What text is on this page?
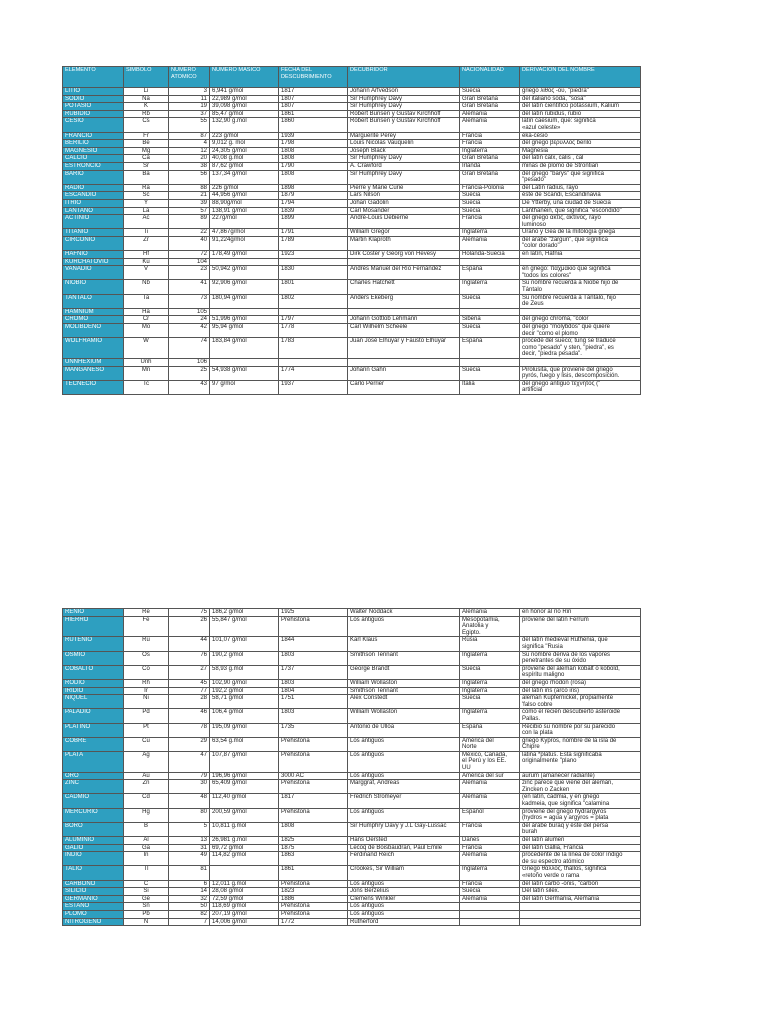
ELEMENTO	SIMBOLO	NUMERO ATOMICO	NUMERO MASICO	FECHA DEL DESCUBRIMIENTO	DECUBRIDOR	NACIONALIDAD	DERIVACION DEL NOMBRE
LITIO	Li	3	6,941 g/mol	1817	Johann Arfvedson	Suecia	griego λίθος -ου, "piedra"
SODIO	Na	11	22,989 g/mol	1807	Sir Humphrey Davy	Gran Bretaña	del italiano soda, "sosa"
POTASIO	K	19	39,098 g/mol	1807	Sir Humphrey Davy	Gran Bretaña	del latín científico potassium, Kalium
RUBIDIO	Rb	37	85,47 g/mol	1861	Robert Bunsen y Gustav Kirchhoff	Alemania	del latín rubidus, rubio
CESIO	Cs	55	132,90 g.mol	1860	Robert Bunsen y Gustav Kirchhoff	Alemania	latín caesium, que: significa
«azul celeste»
FRANCIO	Fr	87	223 g/mol	1939	Marguerite Perey	Francia	eka-cesio
BERILIO	Be	4	9,012 g. mol	1798	Louis Nicolas Vauquelin	Francia	del griego βερυλλος berilo
MAGNESIO	Mg	12	24,305 g/mol	1808	Joseph Black	Inglaterra	Magnesia
CALCIO	Ca	20	40,08 g.mol	1808	Sir Humphrey Davy	Gran Bretaña	del latín calx, calis , cal
ESTRONCIO	Sr	38	87,62 g/mol	1790	A. Crawford	Irlanda	minas de plomo de Strontian
BARIO	Ba	56	137,34 g/mol	1808	Sir Humphrey Davy	Gran Bretaña	del griego "barys" que significa
"pesado"
RADIO	Ra	88	226 g/mol	1898	Pierre y Marie Curie	Francia-Polonia	del Latín radius, rayo
ESCANDIO	Sc	21	44,956 g/mol	1879	Lars Nilson	Suecia	éste de Scandi, Escandinavia
ITRIO	Y	39	88,90g/mol	1794	Johan Gadolin	Suecia	De Ytterby, una ciudad de Suecia
LANTANO	La	57	138,91 g/mol	1839	Carl Mosander	Suecia	Lanthanéin, que significa "escondido"
ACTINIO	Ac	89	227g/mol	1899	André-Louis Debierne	Francia	del griego ακτις, ακτινος, rayo
luminoso
TITANIO	Ti	22	47,867g/mol	1791	William Gregor	Inglaterra	Urano y Gea de la mitología griega
CIRCONIO	Zr	40	91,224g/mol	1789	Martin Klaproth	Alemania	del árabe "zargun", que significa
"color dorado"
HAFNIO	Hf	72	178,49 g/mol	1923	Dirk Coster y Georg von Hevesy	Holanda-Suecia	en latín, Hafnia
KURCHATOVIO	Ku	104					
VANADIO	V	23	50,942 g/mol	1830	Andrés Manuel del Río Fernández	España	en griego: παχμακιο que significa
"todos los colores"
NIOBIO	Nb	41	92,906 g/mol	1801	Charles Hatchett	Inglaterra	Su nombre recuerda a Niobe hijo de
Tántalo
TANTALO	Ta	73	180,94 g/mol	1802	Anders Ekeberg	Suecia	Su nombre recuerda a Tántalo, hijo
de Zeus
HAMNIUM	Ha	105					
CROMO	Cr	24	51,996 g/mol	1797	Johann Gottlob Lehmann	Siberia	del griego chroma, "color
MOLIBDENO	Mo	42	95,94 g/mol	1778	Carl Wilhelm Scheele	Suecia	del griego "molybdos" que quiere
decir "como el plomo
WOLFRAMIO	W	74	183,84 g/mol	1783	Juan José Elhúyar y Fausto Elhúyar	España	procede del sueco; tung se traduce
como "pesado" y sten, "piedra", es
decir, "piedra pesada".
UNNHEXIUM	Unh	106					
MANGANESO	Mn	25	54,938 g/mol	1774	Johann Gahn	Suecia	Pirolusita, que proviene del griego
pyrós, fuego y lisis, descomposición.
TECNECIO	Tc	43	97 g/mol	1937	Carlo Perrier	Italia	del griego antiguo τεχνητός ("
artificial
RENIO	Re	75	186,2 g/mol	1925	Walter Noddack	Alemania	en honor al río Rin
HIERRO	Fe	26	55,847 g/mol	Prehistoria	Los antiguos	Mesopotamia,
Anatolia y
Egipto.	proviene del latín Ferrum
RUTENIO	Ru	44	101,07 g/mol	1844	Karl Klaus	Rusia	del latín medieval Ruthenia, que
significa "Rusia
OSMIO	Os	76	190,2 g/mol	1803	Smithson Tennant	Inglaterra	Su nombre deriva de los vapores
penetrantes de su óxido
COBALTO	Co	27	58,93 g.mol	1737	George Brandt	Suecia	proviene del alemán kobalt o kobold,
espíritu maligno
RODIO	Rh	45	102,90 g/mol	1803	William Wollaston	Inglaterra	del griego rhodon (rosa)
IRIDIO	Ir	77	192,2 g/mol	1804	Smithson Tennant	Inglaterra	del latín iris (arco iris)
NIQUEL	Ni	28	58,71 g/mol	1751	Alex Constedt	Suecia	alemán Kupfernickel, propiamente
'falso cobre
PALADIO	Pd	46	106,4 g/mol	1803	William Wollaston	Inglaterra	como el recién descubierto asteroide
Pallas.
PLATINO	Pt	78	195,09 g/mol	1735	Antonio de Ulloa	España	Recibió su nombre por su parecido
con la plata
COBRE	Cu	29	63,54 g.mol	Prehistoria	Los antiguos	América del
Norte	griego Kypros, nombre de la isla de
Chipre
PLATA	Ag	47	107,87 g/mol	Prehistoria	Los antiguos	México, Canadá,
el Perú y los EE.
UU	latina *platus. Esta significaba
originalmente "plano
ORO	Au	79	196,96 g/mol	3000 AC	Los antiguos	América del sur	aurum (amanecer radiante)
ZINC	Zn	30	65,409 g/mol	Prehistoria	Marggraf, Andreas	Alemania	zinc parece que viene del alemán,
Zincken o Zacken
CADMIO	Cd	48	112,40 g/mol	1817	Fredrich Stromeyer	Alemania	(en latín, cadmia, y en griego
kadmeia, que significa "calamina
MERCURIO	Hg	80	200,59 g/mol	Prehistoria	Los antiguos	Español	proviene del griego hydrargyros
(hydros = agua y argyros = plata
BORO	B	5	10,811 g.mol	1808	Sir Humphry Davy y J.L Gay-Lussac	Francia	del árabe buraq y éste del persa
burah
ALUMINIO	Al	13	26,981 g.mol	1825	Hans Oersted	Danes	del latín alumen
GALIO	Ga	31	69,72 g/mol	1875	Lecoq de Boisbaudran, Paul Emile	Francia	del latín Gallia, Francia
INDIO	In	49	114,82 g/mol	1863	Ferdinand Reich	Alemania	procedente de la línea de color índigo
de su espectro atómico
TALIO	Tl	81		1861	Crookes, Sir William	Inglaterra	Griego θαλλός, thallos, significa
«retoño verde o rama
CARBONO	C	6	12,011 g.mol	Prehistoria	Los antiguos	Francia	del latín carbo -onis, "carbón
SILICIO	Si	14	28,08 g/mol	1823	Jons Berzelius	Suecia	Del latín silex.
GERMANIO	Ge	32	72,59 g/mol	1886	Clemens Winkler	Alemania	del latín Germania, Alemania
ESTAÑO	Sn	50	118,69 g/mol	Prehistoria	Los antiguos		
PLOMO	Pb	82	207,19 g/mol	Prehistoria	Los antiguos		
NITROGENO	N	7	14,006 g/mol	1772	Rutherford		
